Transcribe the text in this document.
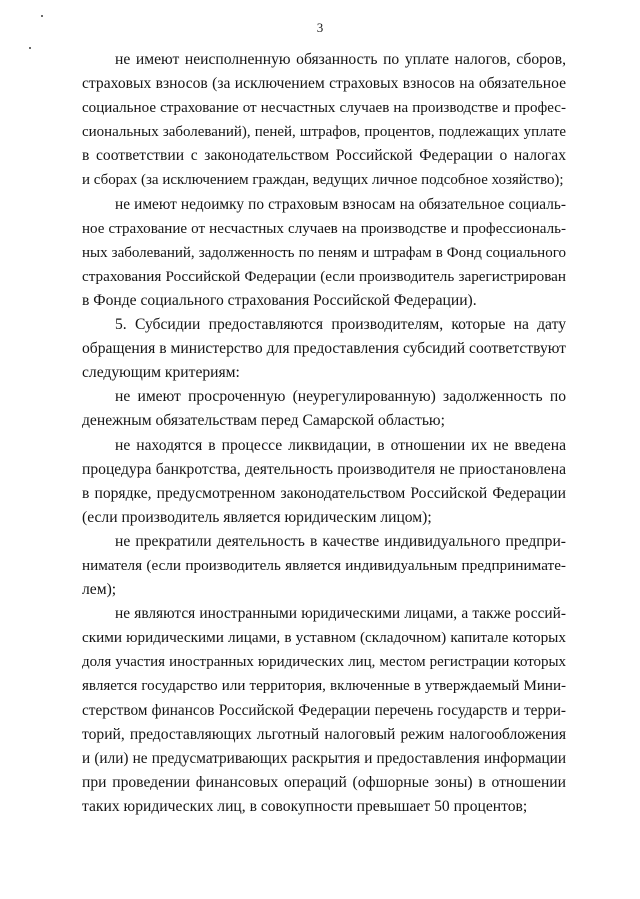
3
не имеют неисполненную обязанность по уплате налогов, сборов,
страховых взносов (за исключением страховых взносов на обязательное
социальное страхование от несчастных случаев на производстве и профес-
сиональных заболеваний), пеней, штрафов, процентов, подлежащих уплате
в соответствии с законодательством Российской Федерации о налогах
и сборах (за исключением граждан, ведущих личное подсобное хозяйство);
не имеют недоимку по страховым взносам на обязательное социаль-
ное страхование от несчастных случаев на производстве и профессиональ-
ных заболеваний, задолженность по пеням и штрафам в Фонд социального
страхования Российской Федерации (если производитель зарегистрирован
в Фонде социального страхования Российской Федерации).
5. Субсидии предоставляются производителям, которые на дату
обращения в министерство для предоставления субсидий соответствуют
следующим критериям:
не имеют просроченную (неурегулированную) задолженность по
денежным обязательствам перед Самарской областью;
не находятся в процессе ликвидации, в отношении их не введена
процедура банкротства, деятельность производителя не приостановлена
в порядке, предусмотренном законодательством Российской Федерации
(если производитель является юридическим лицом);
не прекратили деятельность в качестве индивидуального предпри-
нимателя (если производитель является индивидуальным предпринимате-
лем);
не являются иностранными юридическими лицами, а также россий-
скими юридическими лицами, в уставном (складочном) капитале которых
доля участия иностранных юридических лиц, местом регистрации которых
является государство или территория, включенные в утверждаемый Мини-
стерством финансов Российской Федерации перечень государств и терри-
торий, предоставляющих льготный налоговый режим налогообложения
и (или) не предусматривающих раскрытия и предоставления информации
при проведении финансовых операций (офшорные зоны) в отношении
таких юридических лиц, в совокупности превышает 50 процентов;
